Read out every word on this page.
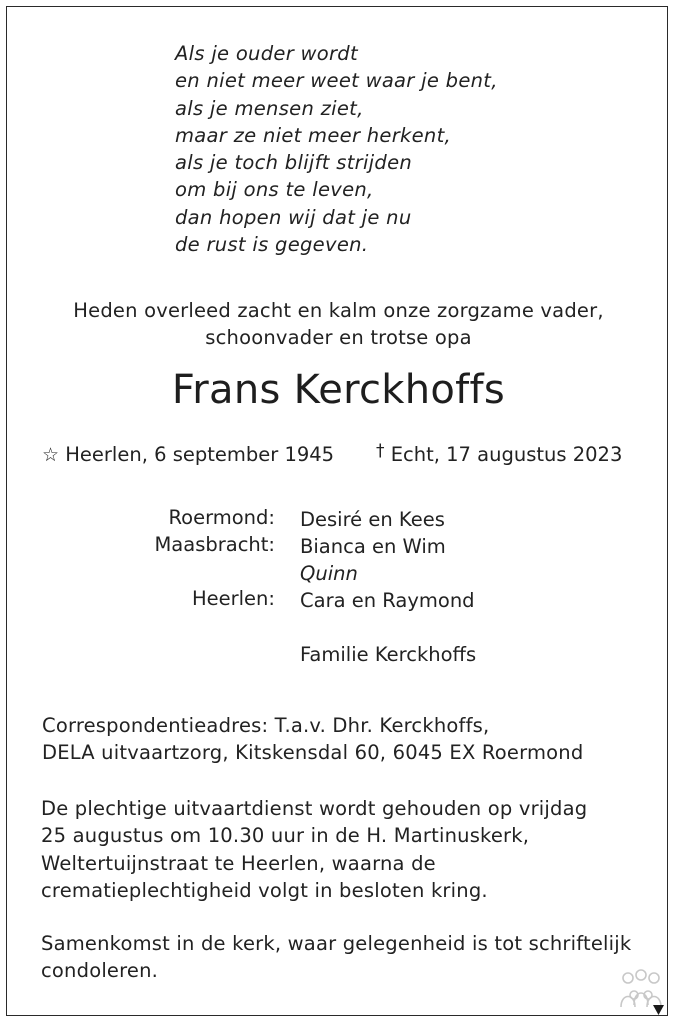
Als je ouder wordt
en niet meer weet waar je bent,
als je mensen ziet,
maar ze niet meer herkent,
als je toch blijft strijden
om bij ons te leven,
dan hopen wij dat je nu
de rust is gegeven.
Heden overleed zacht en kalm onze zorgzame vader,
schoonvader en trotse opa
Frans Kerckhoffs
☆ Heerlen, 6 september 1945 † Echt, 17 augustus 2023
Roermond: Desiré en Kees
Maasbracht: Bianca en Wim
Quinn
Heerlen: Cara en Raymond
Familie Kerckhoffs
Correspondentieadres: T.a.v. Dhr. Kerckhoffs,
DELA uitvaartzorg, Kitskensdal 60, 6045 EX Roermond
De plechtige uitvaartdienst wordt gehouden op vrijdag
25 augustus om 10.30 uur in de H. Martinuskerk,
Weltertuijnstraat te Heerlen, waarna de
crematieplechtigheid volgt in besloten kring.
Samenkomst in de kerk, waar gelegenheid is tot schriftelijk
condoleren.
